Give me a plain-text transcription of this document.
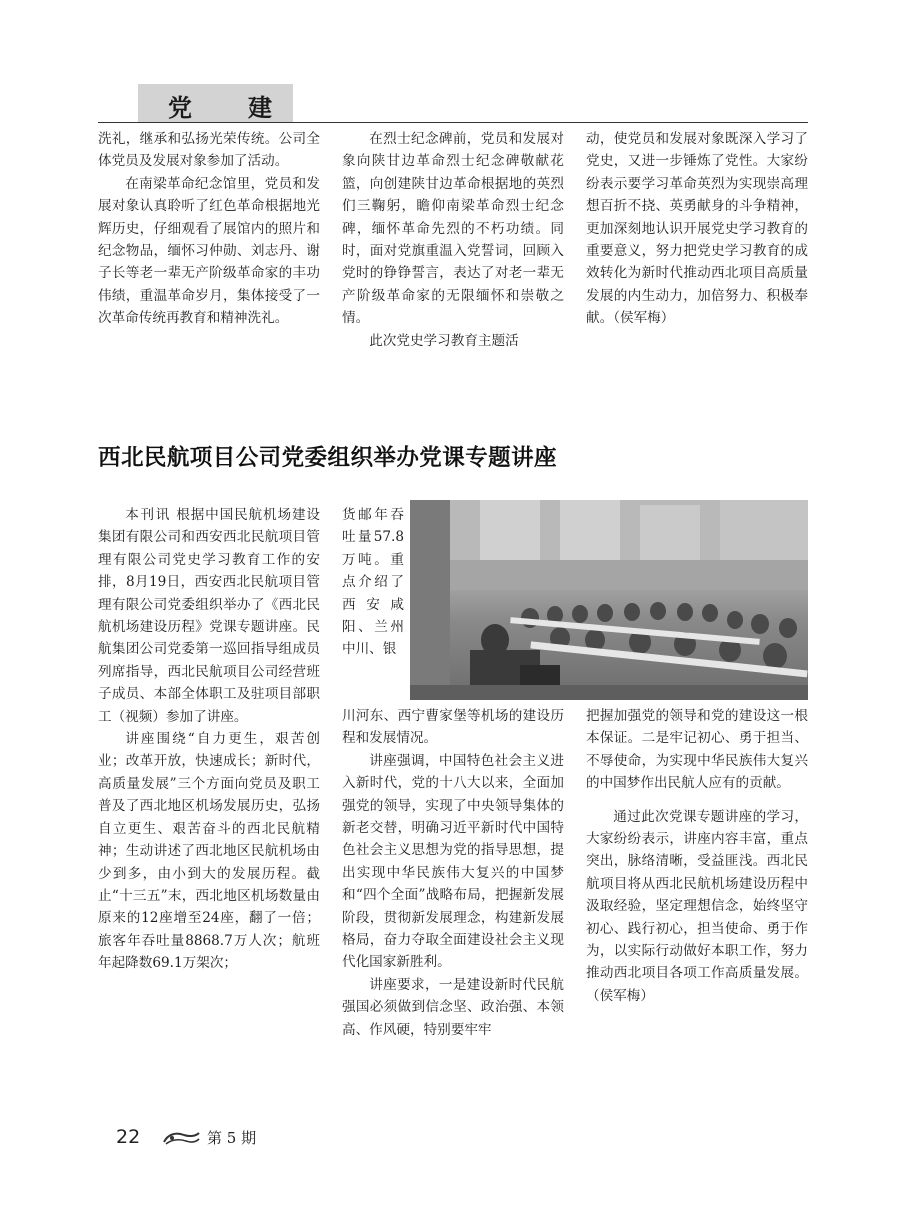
党 建

洗礼，继承和弘扬光荣传统。公司全体党员及发展对象参加了活动。

在南梁革命纪念馆里，党员和发展对象认真聆听了红色革命根据地光辉历史，仔细观看了展馆内的照片和纪念物品，缅怀习仲勋、刘志丹、谢子长等老一辈无产阶级革命家的丰功伟绩，重温革命岁月，集体接受了一次革命传统再教育和精神洗礼。

在烈士纪念碑前，党员和发展对象向陕甘边革命烈士纪念碑敬献花篮，向创建陕甘边革命根据地的英烈们三鞠躬，瞻仰南梁革命烈士纪念碑，缅怀革命先烈的不朽功绩。同时，面对党旗重温入党誓词，回顾入党时的铮铮誓言，表达了对老一辈无产阶级革命家的无限缅怀和崇敬之情。

此次党史学习教育主题活

动，使党员和发展对象既深入学习了党史，又进一步锤炼了党性。大家纷纷表示要学习革命英烈为实现崇高理想百折不挠、英勇献身的斗争精神，更加深刻地认识开展党史学习教育的重要意义，努力把党史学习教育的成效转化为新时代推动西北项目高质量发展的内生动力，加倍努力、积极奉献。（侯军梅）

西北民航项目公司党委组织举办党课专题讲座

本刊讯 根据中国民航机场建设集团有限公司和西安西北民航项目管理有限公司党史学习教育工作的安排，8月19日，西安西北民航项目管理有限公司党委组织举办了《西北民航机场建设历程》党课专题讲座。民航集团公司党委第一巡回指导组成员列席指导，西北民航项目公司经营班子成员、本部全体职工及驻项目部职工（视频）参加了讲座。

讲座围绕“自力更生，艰苦创业；改革开放，快速成长；新时代，高质量发展”三个方面向党员及职工普及了西北地区机场发展历史，弘扬自立更生、艰苦奋斗的西北民航精神；生动讲述了西北地区民航机场由少到多，由小到大的发展历程。截止“十三五”末，西北地区机场数量由原来的12座增至24座，翻了一倍；旅客年吞吐量8868.7万人次；航班年起降数69.1万架次；

货邮年吞吐量57.8万吨。重点介绍了西安咸阳、兰州中川、银

川河东、西宁曹家堡等机场的建设历程和发展情况。

讲座强调，中国特色社会主义进入新时代，党的十八大以来，全面加强党的领导，实现了中央领导集体的新老交替，明确习近平新时代中国特色社会主义思想为党的指导思想，提出实现中华民族伟大复兴的中国梦和“四个全面”战略布局，把握新发展阶段，贯彻新发展理念，构建新发展格局，奋力夺取全面建设社会主义现代化国家新胜利。

讲座要求，一是建设新时代民航强国必须做到信念坚、政治强、本领高、作风硬，特别要牢牢

把握加强党的领导和党的建设这一根本保证。二是牢记初心、勇于担当、不辱使命，为实现中华民族伟大复兴的中国梦作出民航人应有的贡献。

通过此次党课专题讲座的学习，大家纷纷表示，讲座内容丰富，重点突出，脉络清晰，受益匪浅。西北民航项目将从西北民航机场建设历程中汲取经验，坚定理想信念，始终坚守初心、践行初心，担当使命、勇于作为，以实际行动做好本职工作，努力推动西北项目各项工作高质量发展。（侯军梅）

22	第 5 期
